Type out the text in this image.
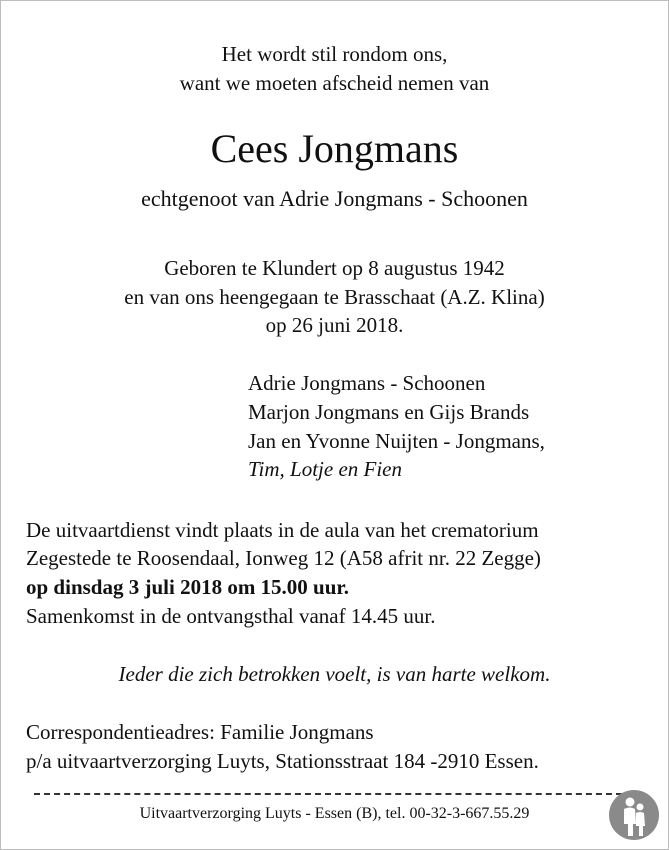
Het wordt stil rondom ons,
want we moeten afscheid nemen van
Cees Jongmans
echtgenoot van Adrie Jongmans - Schoonen
Geboren te Klundert op 8 augustus 1942
en van ons heengegaan te Brasschaat (A.Z. Klina)
op 26 juni 2018.
Adrie Jongmans - Schoonen
Marjon Jongmans en Gijs Brands
Jan en Yvonne Nuijten - Jongmans,
Tim, Lotje en Fien
De uitvaartdienst vindt plaats in de aula van het crematorium
Zegestede te Roosendaal, Ionweg 12 (A58 afrit nr. 22 Zegge)
op dinsdag 3 juli 2018 om 15.00 uur.
Samenkomst in de ontvangsthal vanaf 14.45 uur.
Ieder die zich betrokken voelt, is van harte welkom.
Correspondentieadres: Familie Jongmans
p/a uitvaartverzorging Luyts, Stationsstraat 184 -2910 Essen.
Uitvaartverzorging Luyts - Essen (B), tel. 00-32-3-667.55.29
